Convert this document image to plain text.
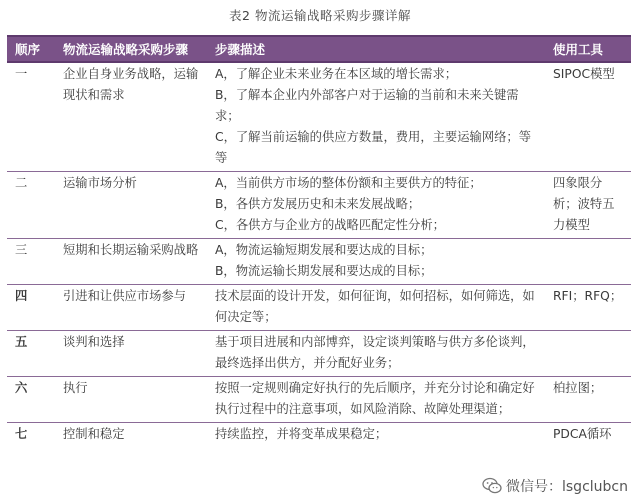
表2 物流运输战略采购步骤详解
顺序	物流运输战略采购步骤	步骤描述	使用工具
一	企业自身业务战略，运输现状和需求	A，了解企业未来业务在本区域的增长需求；
B，了解本企业内外部客户对于运输的当前和未来关键需求；
C，了解当前运输的供应方数量，费用，主要运输网络；等等	SIPOC模型
二	运输市场分析	A，当前供方市场的整体份额和主要供方的特征；
B，各供方发展历史和未来发展战略；
C，各供方与企业方的战略匹配定性分析；	四象限分析；波特五力模型
三	短期和长期运输采购战略	A，物流运输短期发展和要达成的目标；
B，物流运输长期发展和要达成的目标；	

四	引进和让供应市场参与	技术层面的设计开发，如何征询，如何招标，如何筛选，如何决定等；	RFI；RFQ；
五	谈判和选择	基于项目进展和内部博弈，设定谈判策略与供方多伦谈判，最终选择出供方，并分配好业务；	

六	执行	按照一定规则确定好执行的先后顺序，并充分讨论和确定好执行过程中的注意事项，如风险消除、故障处理渠道；	柏拉图；
七	控制和稳定	持续监控，并将变革成果稳定；	PDCA循环
微信号：lsgclubcn
